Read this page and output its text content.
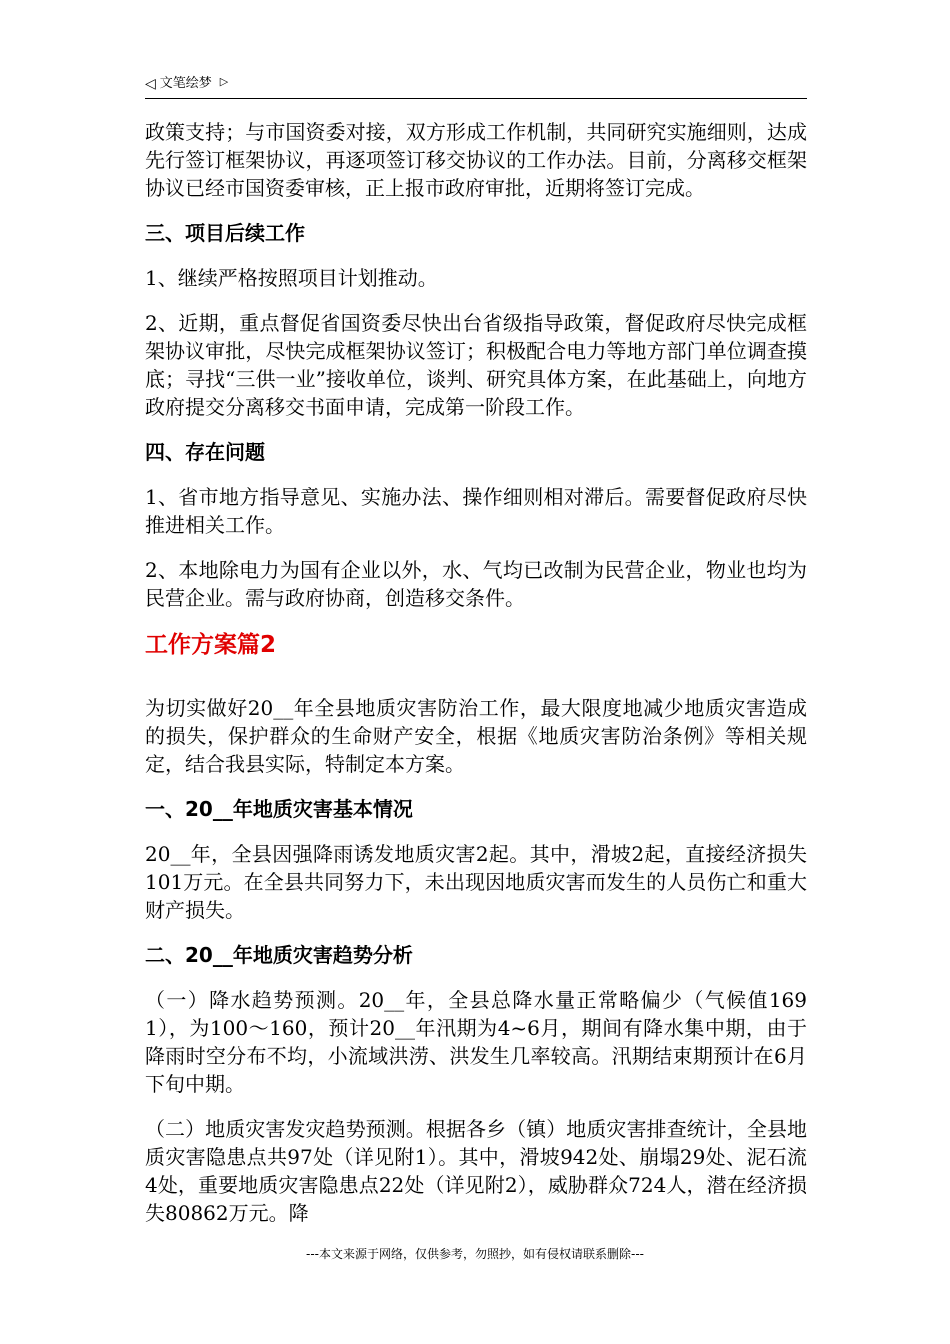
◁ 文笔绘梦 ▷

政策支持；与市国资委对接，双方形成工作机制，共同研究实施细则，达成先行签订框架协议，再逐项签订移交协议的工作办法。目前，分离移交框架协议已经市国资委审核，正上报市政府审批，近期将签订完成。

三、项目后续工作

1、继续严格按照项目计划推动。

2、近期，重点督促省国资委尽快出台省级指导政策，督促政府尽快完成框架协议审批，尽快完成框架协议签订；积极配合电力等地方部门单位调查摸底；寻找“三供一业”接收单位，谈判、研究具体方案，在此基础上，向地方政府提交分离移交书面申请，完成第一阶段工作。

四、存在问题

1、省市地方指导意见、实施办法、操作细则相对滞后。需要督促政府尽快推进相关工作。

2、本地除电力为国有企业以外，水、气均已改制为民营企业，物业也均为民营企业。需与政府协商，创造移交条件。

工作方案篇2

为切实做好20__年全县地质灾害防治工作，最大限度地减少地质灾害造成的损失，保护群众的生命财产安全，根据《地质灾害防治条例》等相关规定，结合我县实际，特制定本方案。

一、20__年地质灾害基本情况

20__年，全县因强降雨诱发地质灾害2起。其中，滑坡2起，直接经济损失101万元。在全县共同努力下，未出现因地质灾害而发生的人员伤亡和重大财产损失。

二、20__年地质灾害趋势分析

（一）降水趋势预测。20__年，全县总降水量正常略偏少（气候值1691），为100～160，预计20__年汛期为4~6月，期间有降水集中期，由于降雨时空分布不均，小流域洪涝、洪发生几率较高。汛期结束期预计在6月下旬中期。

（二）地质灾害发灾趋势预测。根据各乡（镇）地质灾害排查统计，全县地质灾害隐患点共97处（详见附1）。其中，滑坡942处、崩塌29处、泥石流4处，重要地质灾害隐患点22处（详见附2），威胁群众724人，潜在经济损失80862万元。降

---本文来源于网络，仅供参考，勿照抄，如有侵权请联系删除---
